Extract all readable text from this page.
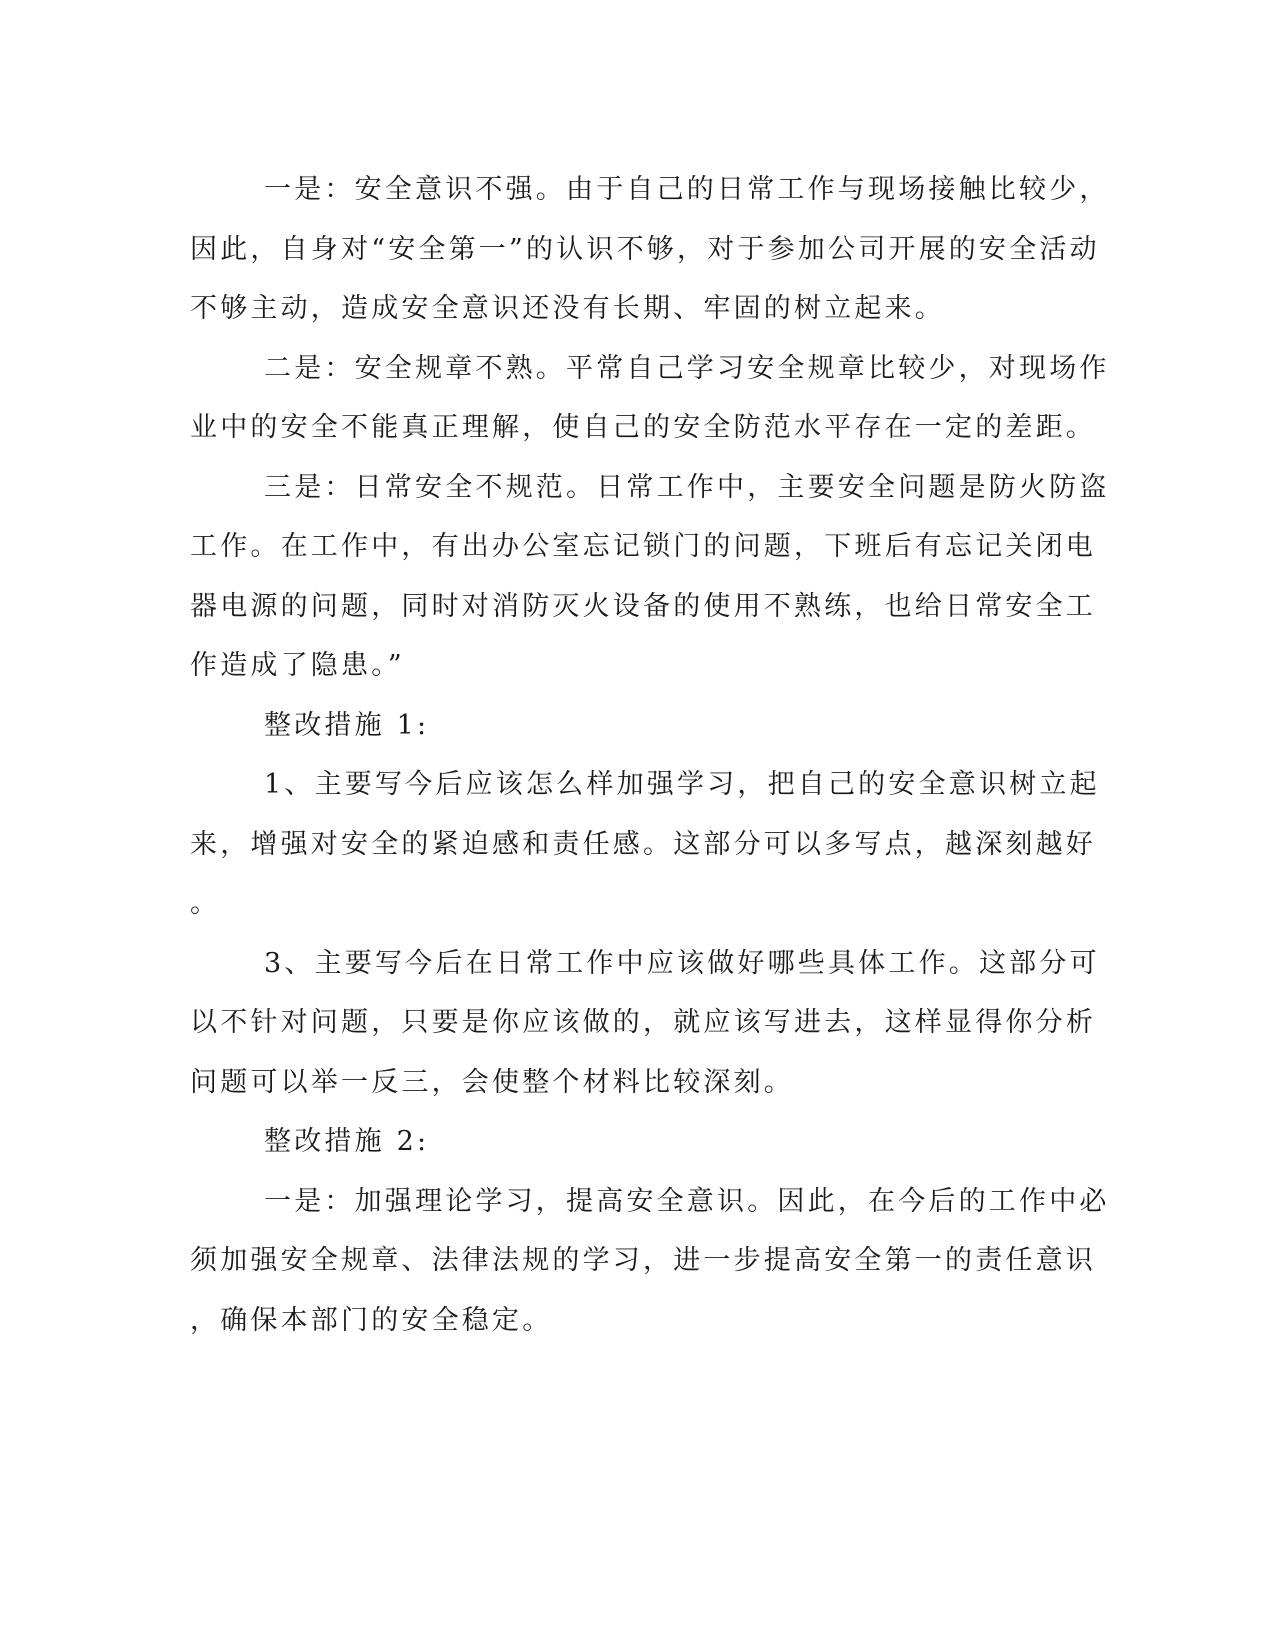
一是：安全意识不强。由于自己的日常工作与现场接触比较少，
因此，自身对“安全第一”的认识不够，对于参加公司开展的安全活动
不够主动，造成安全意识还没有长期、牢固的树立起来。

二是：安全规章不熟。平常自己学习安全规章比较少，对现场作
业中的安全不能真正理解，使自己的安全防范水平存在一定的差距。

三是：日常安全不规范。日常工作中，主要安全问题是防火防盗
工作。在工作中，有出办公室忘记锁门的问题，下班后有忘记关闭电
器电源的问题，同时对消防灭火设备的使用不熟练，也给日常安全工
作造成了隐患。”

整改措施 1:

1、主要写今后应该怎么样加强学习，把自己的安全意识树立起
来，增强对安全的紧迫感和责任感。这部分可以多写点，越深刻越好
。

3、主要写今后在日常工作中应该做好哪些具体工作。这部分可
以不针对问题，只要是你应该做的，就应该写进去，这样显得你分析
问题可以举一反三，会使整个材料比较深刻。

整改措施 2:

一是：加强理论学习，提高安全意识。因此，在今后的工作中必
须加强安全规章、法律法规的学习，进一步提高安全第一的责任意识
，确保本部门的安全稳定。
